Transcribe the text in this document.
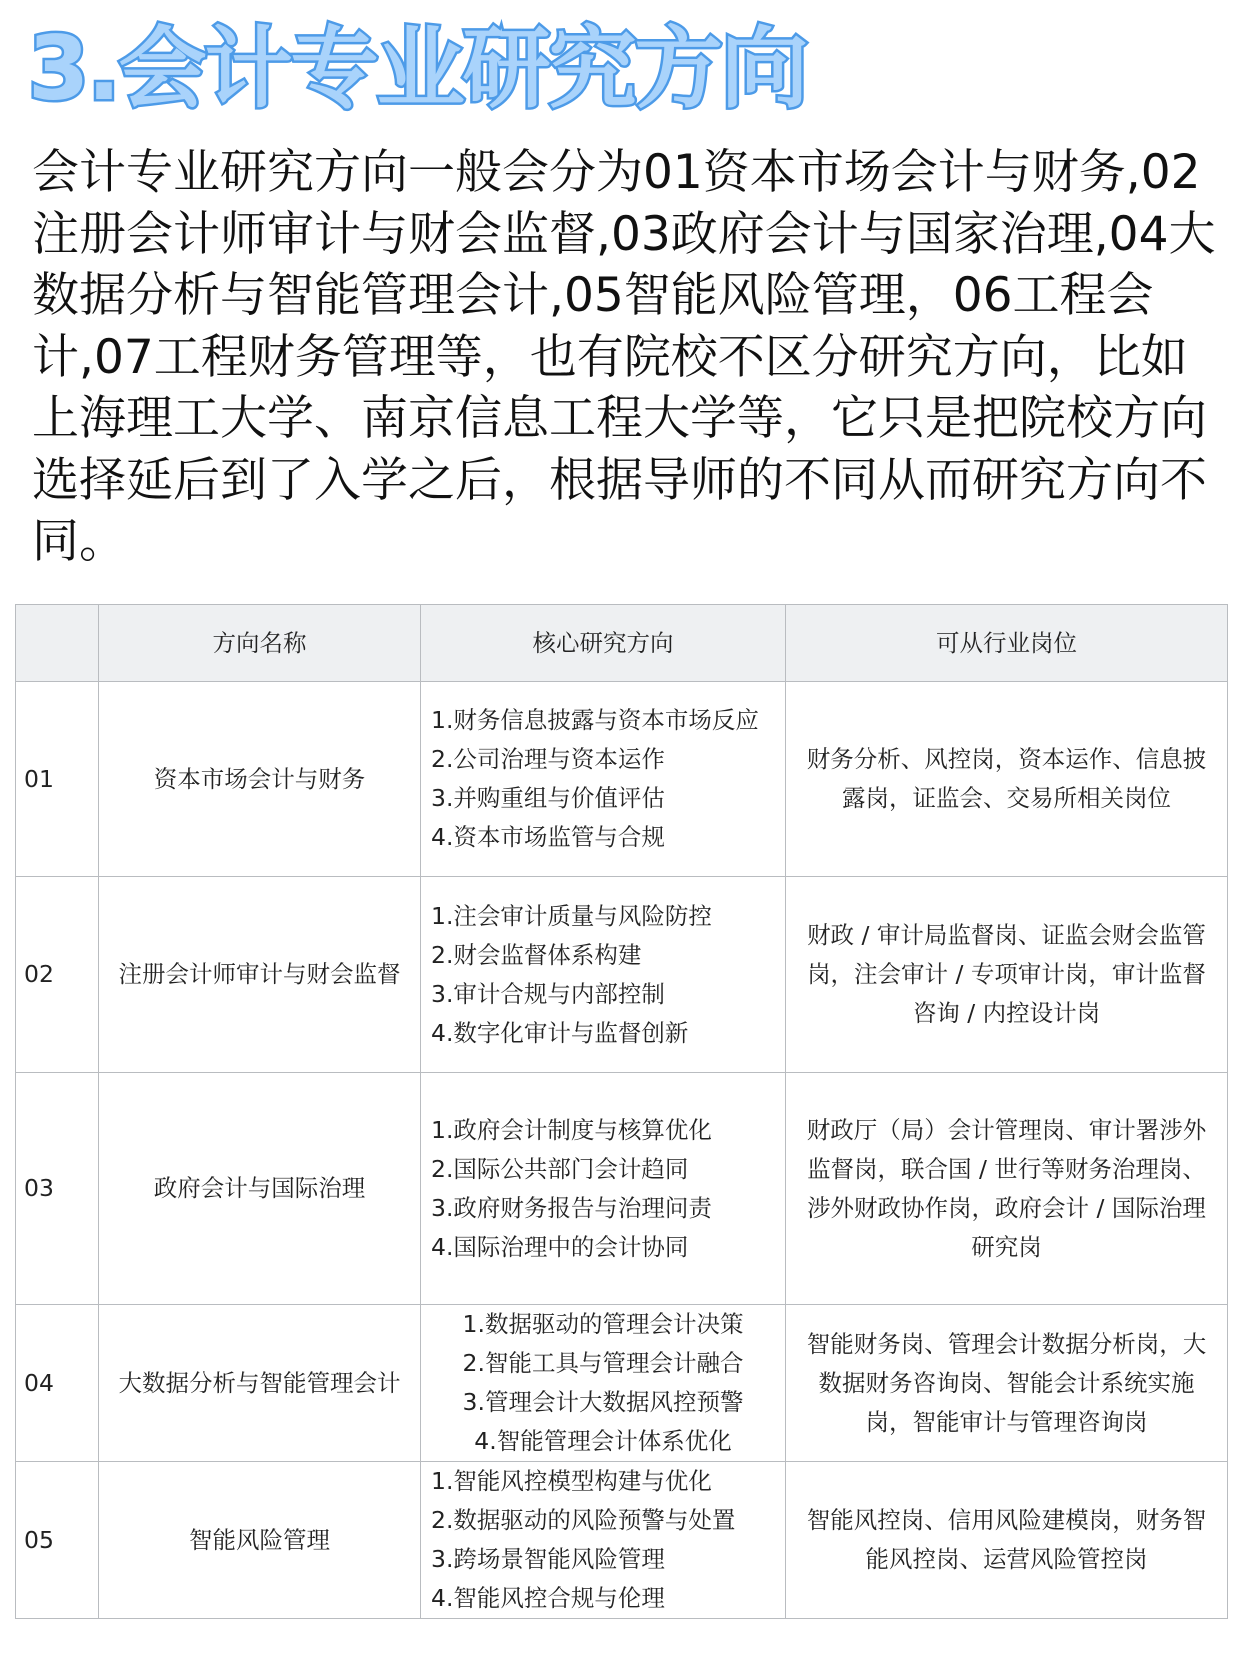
3.会计专业研究方向
会计专业研究方向一般会分为01资本市场会计与财务,02注册会计师审计与财会监督,03政府会计与国家治理,04大数据分析与智能管理会计,05智能风险管理，06工程会计,07工程财务管理等，也有院校不区分研究方向，比如上海理工大学、南京信息工程大学等，它只是把院校方向选择延后到了入学之后，根据导师的不同从而研究方向不同。
	方向名称	核心研究方向	可从行业岗位
01	资本市场会计与财务	1.财务信息披露与资本市场反应
2.公司治理与资本运作
3.并购重组与价值评估
4.资本市场监管与合规	财务分析、风控岗，资本运作、信息披露岗，证监会、交易所相关岗位
02	注册会计师审计与财会监督	1.注会审计质量与风险防控
2.财会监督体系构建
3.审计合规与内部控制
4.数字化审计与监督创新	财政 / 审计局监督岗、证监会财会监管岗，注会审计 / 专项审计岗，审计监督咨询 / 内控设计岗
03	政府会计与国际治理	1.政府会计制度与核算优化
2.国际公共部门会计趋同
3.政府财务报告与治理问责
4.国际治理中的会计协同	财政厅（局）会计管理岗、审计署涉外监督岗，联合国 / 世行等财务治理岗、涉外财政协作岗，政府会计 / 国际治理研究岗
04	大数据分析与智能管理会计	1.数据驱动的管理会计决策
2.智能工具与管理会计融合
3.管理会计大数据风控预警
4.智能管理会计体系优化	智能财务岗、管理会计数据分析岗，大数据财务咨询岗、智能会计系统实施岗，智能审计与管理咨询岗
05	智能风险管理	1.智能风控模型构建与优化
2.数据驱动的风险预警与处置
3.跨场景智能风险管理
4.智能风控合规与伦理	智能风控岗、信用风险建模岗，财务智能风控岗、运营风险管控岗
